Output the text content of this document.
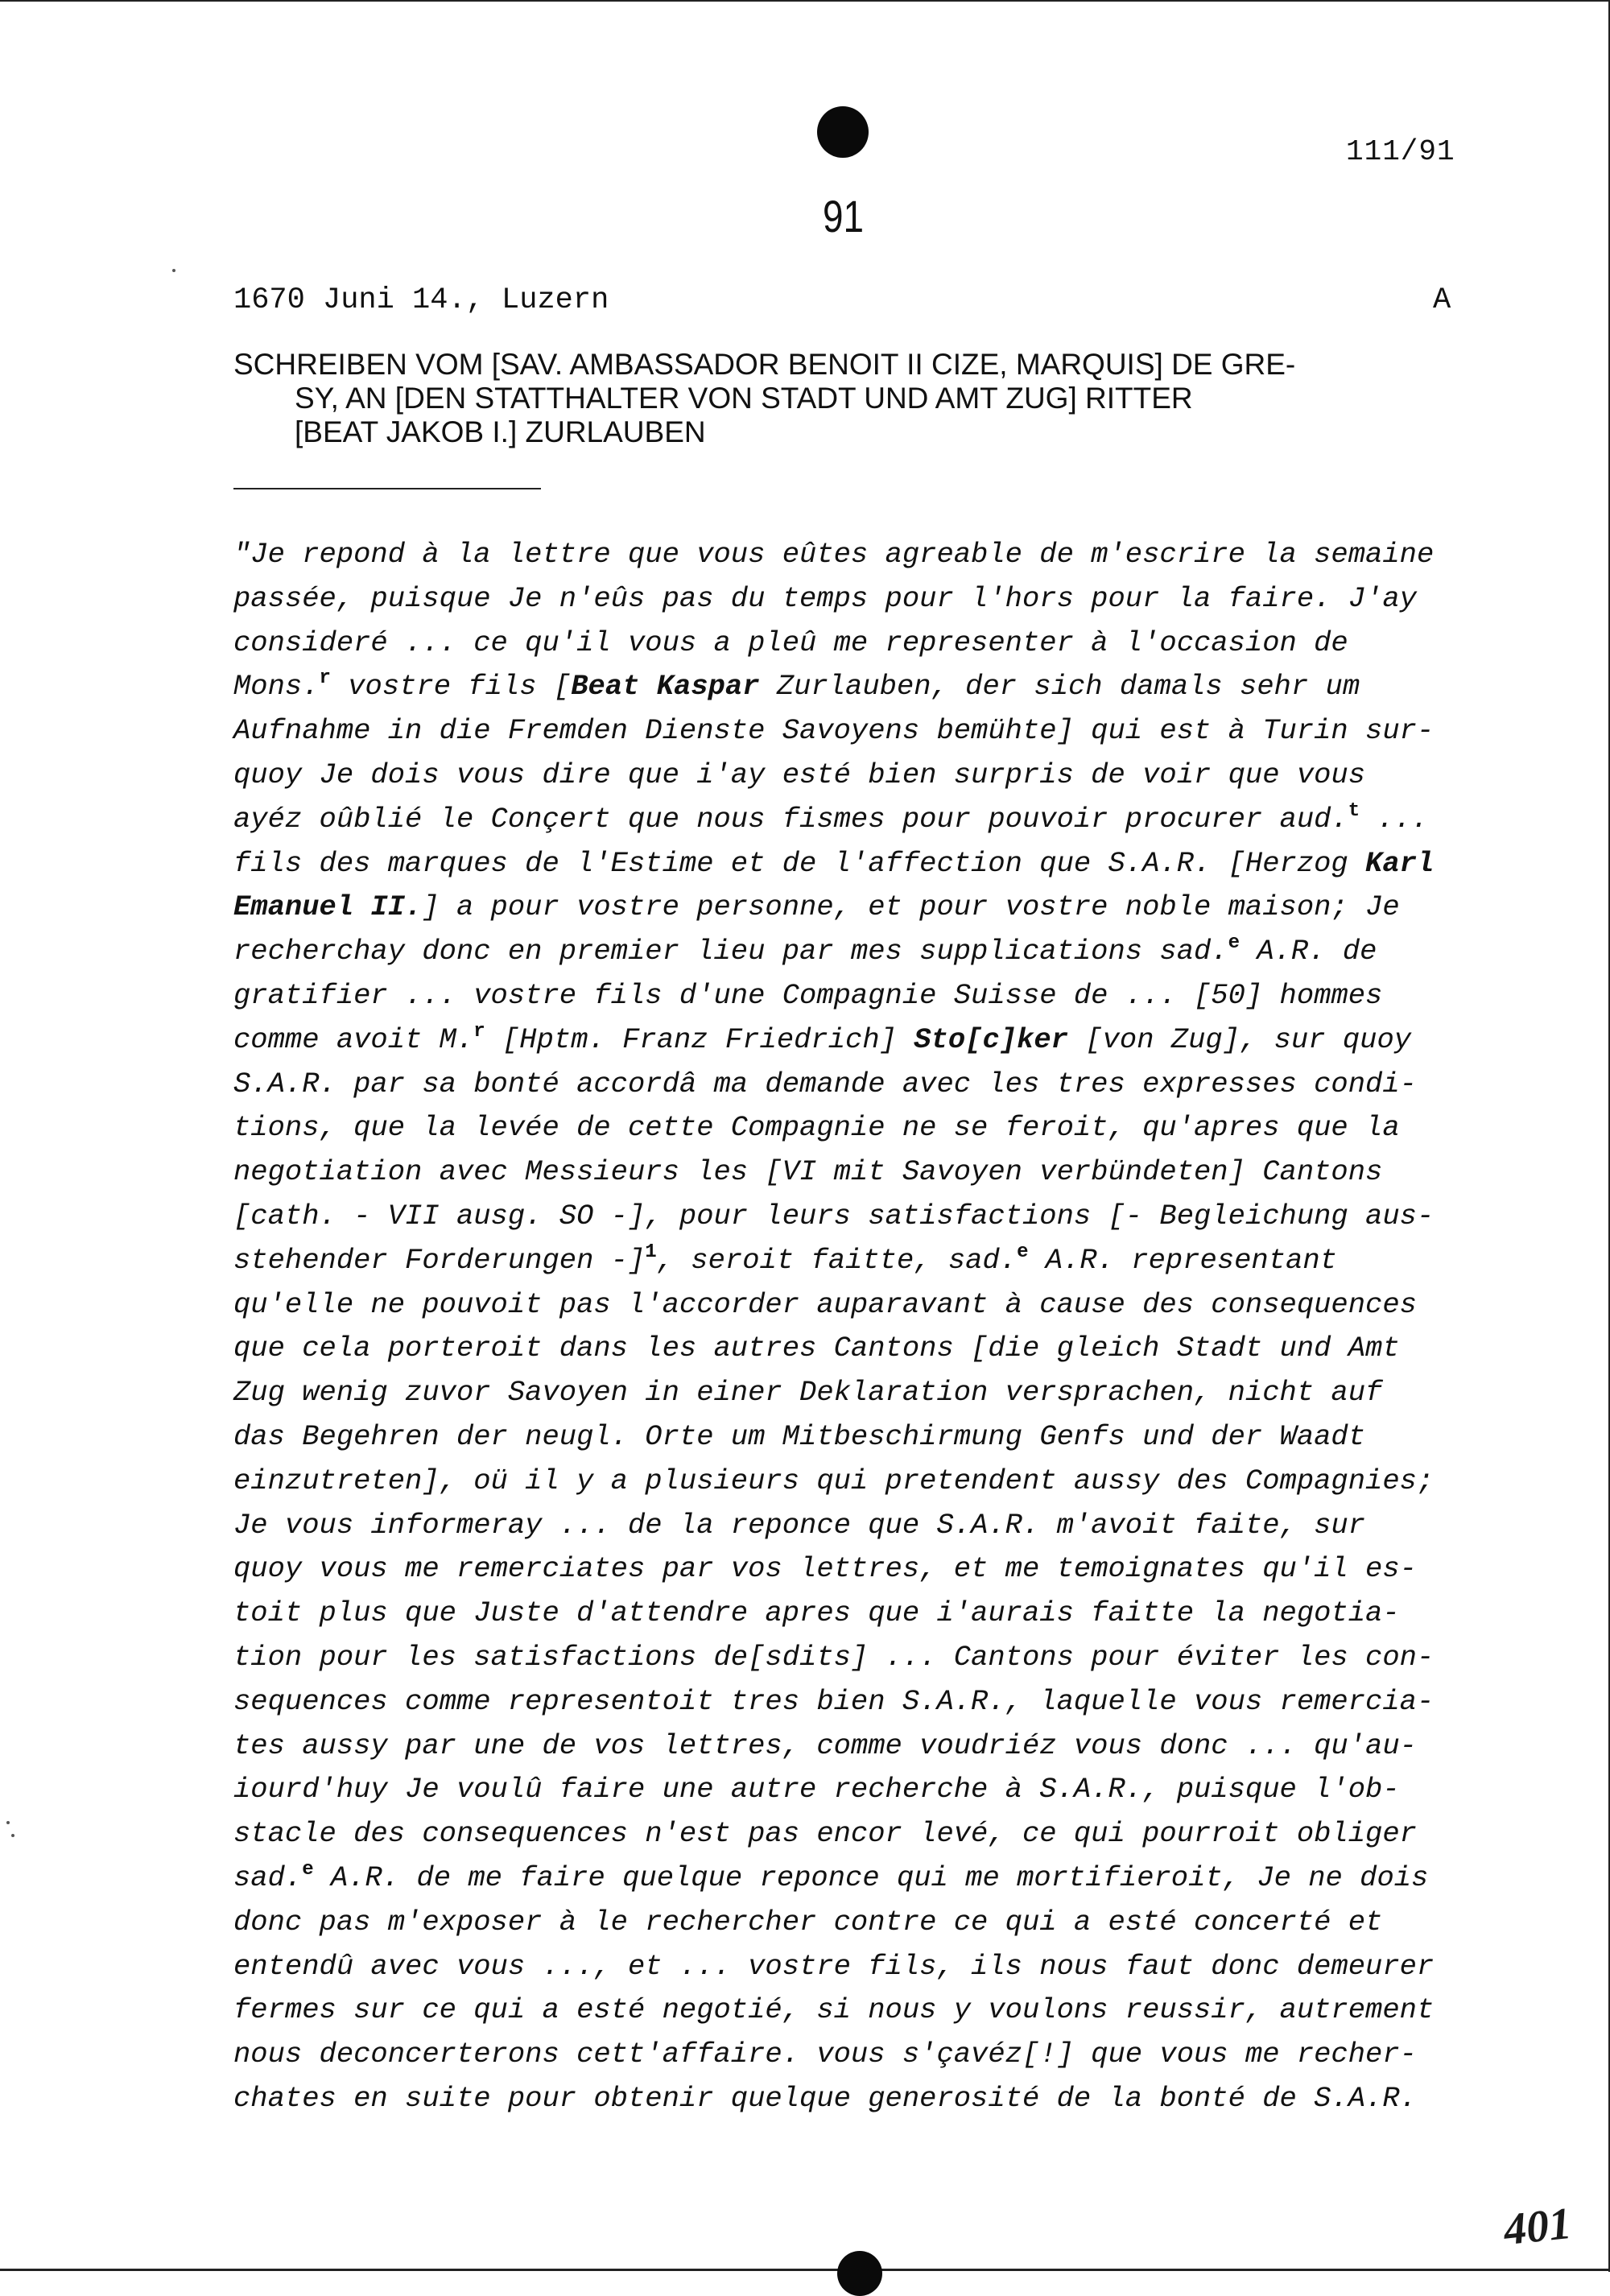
111/91
91
1670 Juni 14., Luzern	A
SCHREIBEN VOM [SAV. AMBASSADOR BENOIT II CIZE, MARQUIS] DE GRE-
SY, AN [DEN STATTHALTER VON STADT UND AMT ZUG] RITTER
[BEAT JAKOB I.] ZURLAUBEN
"Je repond à la lettre que vous eûtes agreable de m'escrire la semaine
passée, puisque Je n'eûs pas du temps pour l'hors pour la faire. J'ay
consideré ... ce qu'il vous a pleû me representer à l'occasion de
Mons.$^r$ vostre fils [Beat Kaspar Zurlauben, der sich damals sehr um
Aufnahme in die Fremden Dienste Savoyens bemühte] qui est à Turin sur-
quoy Je dois vous dire que i'ay esté bien surpris de voir que vous
ayéz oûblié le Conçert que nous fismes pour pouvoir procurer aud.$^t$ ...
fils des marques de l'Estime et de l'affection que S.A.R. [Herzog Karl
Emanuel II.] a pour vostre personne, et pour vostre noble maison; Je
recherchay donc en premier lieu par mes supplications sad.$^e$ A.R. de
gratifier ... vostre fils d'une Compagnie Suisse de ... [50] hommes
comme avoit M.$^r$ [Hptm. Franz Friedrich] Sto[c]ker [von Zug], sur quoy
S.A.R. par sa bonté accordâ ma demande avec les tres expresses condi-
tions, que la levée de cette Compagnie ne se feroit, qu'apres que la
negotiation avec Messieurs les [VI mit Savoyen verbündeten] Cantons
[cath. - VII ausg. SO -], pour leurs satisfactions [- Begleichung aus-
stehender Forderungen -]$^1$, seroit faitte, sad.$^e$ A.R. representant
qu'elle ne pouvoit pas l'accorder auparavant à cause des consequences
que cela porteroit dans les autres Cantons [die gleich Stadt und Amt
Zug wenig zuvor Savoyen in einer Deklaration versprachen, nicht auf
das Begehren der neugl. Orte um Mitbeschirmung Genfs und der Waadt
einzutreten], oü il y a plusieurs qui pretendent aussy des Compagnies;
Je vous informeray ... de la reponce que S.A.R. m'avoit faite, sur
quoy vous me remerciates par vos lettres, et me temoignates qu'il es-
toit plus que Juste d'attendre apres que i'aurais faitte la negotia-
tion pour les satisfactions de[sdits] ... Cantons pour éviter les con-
sequences comme representoit tres bien S.A.R., laquelle vous remercia-
tes aussy par une de vos lettres, comme voudriéz vous donc ... qu'au-
iourd'huy Je voulû faire une autre recherche à S.A.R., puisque l'ob-
stacle des consequences n'est pas encor levé, ce qui pourroit obliger
sad.$^e$ A.R. de me faire quelque reponce qui me mortifieroit, Je ne dois
donc pas m'exposer à le rechercher contre ce qui a esté concerté et
entendû avec vous ..., et ... vostre fils, ils nous faut donc demeurer
fermes sur ce qui a esté negotié, si nous y voulons reussir, autrement
nous deconcerterons cett'affaire. vous s'çavéz[!] que vous me recher-
chates en suite pour obtenir quelque generosité de la bonté de S.A.R.
401
